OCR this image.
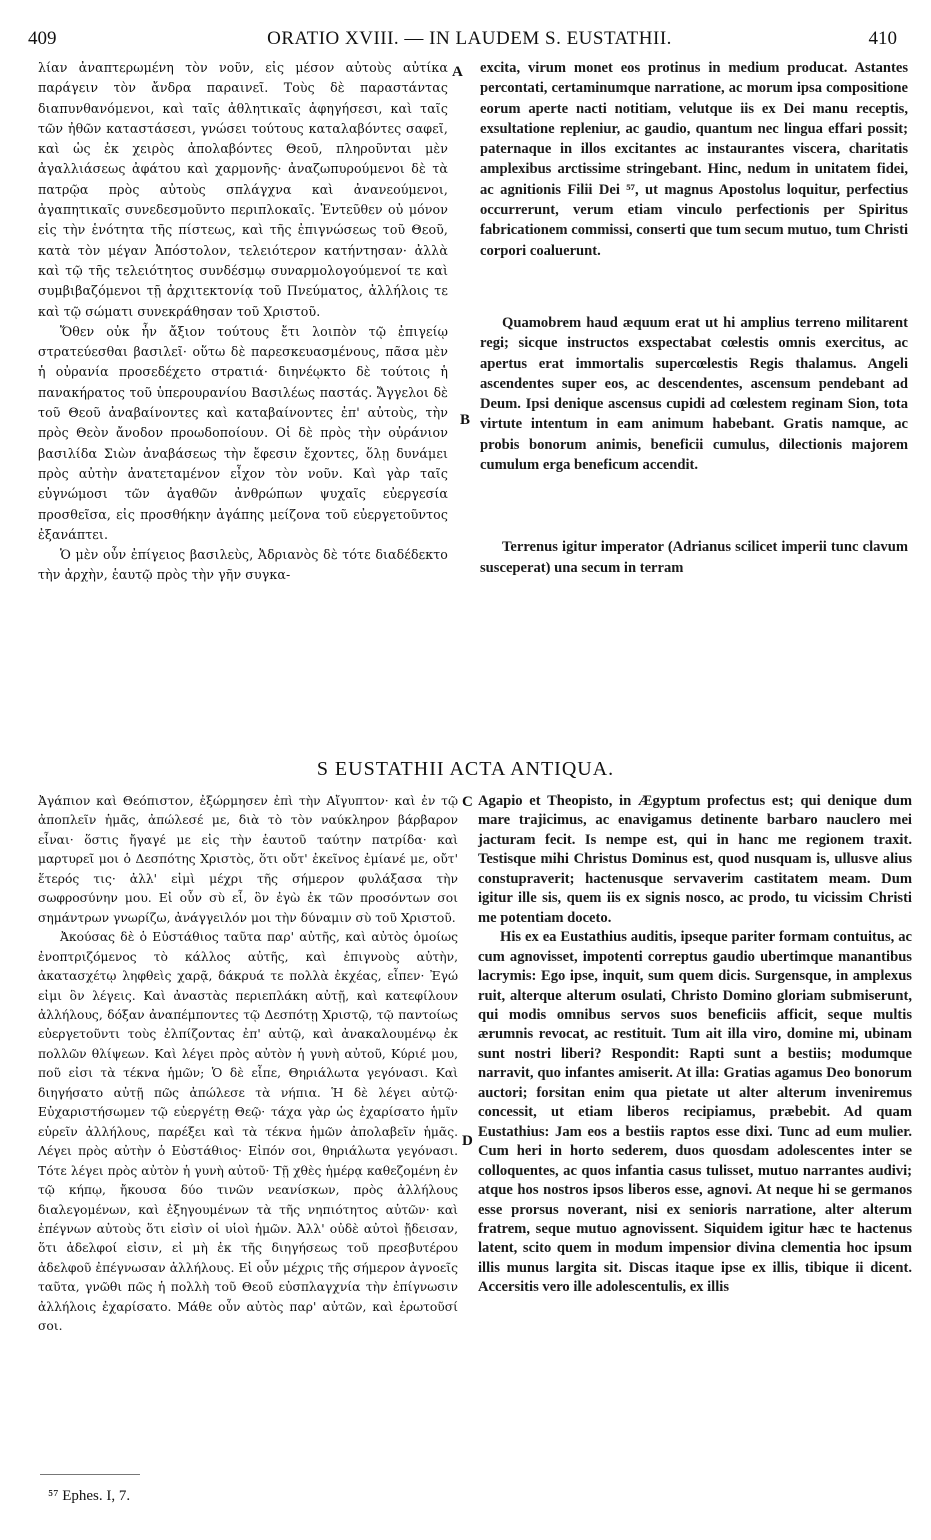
409	ORATIO XVIII. — IN LAUDEM S. EUSTATHII.	410

λίαν ἀναπτερωμένη τὸν νοῦν, εἰς μέσον αὐτοὺς αὐτίκα παράγειν τὸν ἄνδρα παραινεῖ. Τοὺς δὲ παραστάντας διαπυνθανόμενοι, καὶ ταῖς ἀθλητικαῖς ἀφηγήσεσι, καὶ ταῖς τῶν ἠθῶν καταστάσεσι, γνώσει τούτους καταλαβόντες σαφεῖ, καὶ ὡς ἐκ χειρὸς ἀπολαβόντες Θεοῦ, πληροῦνται μὲν ἀγαλλιάσεως ἀφάτου καὶ χαρμονῆς· ἀναζωπυρούμενοι δὲ τὰ πατρῷα πρὸς αὐτοὺς σπλάγχνα καὶ ἀνανεούμενοι, ἀγαπητικαῖς συνεδεσμοῦντο περιπλοκαῖς. Ἐντεῦθεν οὐ μόνον εἰς τὴν ἑνότητα τῆς πίστεως, καὶ τῆς ἐπιγνώσεως τοῦ Θεοῦ, κατὰ τὸν μέγαν Ἀπόστολον, τελειότερον κατήντησαν· ἀλλὰ καὶ τῷ τῆς τελειότητος συνδέσμῳ συναρμολογούμενοί τε καὶ συμβιβαζόμενοι τῇ ἀρχιτεκτονίᾳ τοῦ Πνεύματος, ἀλλήλοις τε καὶ τῷ σώματι συνεκράθησαν τοῦ Χριστοῦ.

Ὅθεν οὐκ ἦν ἄξιον τούτους ἔτι λοιπὸν τῷ ἐπιγείῳ στρατεύεσθαι βασιλεῖ· οὕτω δὲ παρεσκευασμένους, πᾶσα μὲν ἡ οὐρανία προσεδέχετο στρατιά· διηνέῳκτο δὲ τούτοις ἡ πανακήρατος τοῦ ὑπερουρανίου Βασιλέως παστάς. Ἄγγελοι δὲ τοῦ Θεοῦ ἀναβαίνοντες καὶ καταβαίνοντες ἐπ' αὐτοὺς, τὴν πρὸς Θεὸν ἄνοδον προωδοποίουν. Οἱ δὲ πρὸς τὴν οὐράνιον βασιλίδα Σιὼν ἀναβάσεως τὴν ἔφεσιν ἔχοντες, ὅλῃ δυνάμει πρὸς αὐτὴν ἀνατεταμένον εἶχον τὸν νοῦν. Καὶ γὰρ ταῖς εὐγνώμοσι τῶν ἀγαθῶν ἀνθρώπων ψυχαῖς εὐεργεσία προσθεῖσα, εἰς προσθήκην ἀγάπης μείζονα τοῦ εὐεργετοῦντος ἐξανάπτει.

Ὁ μὲν οὖν ἐπίγειος βασιλεὺς, Ἀδριανὸς δὲ τότε διαδέδεκτο τὴν ἀρχὴν, ἑαυτῷ πρὸς τὴν γῆν συγκα-

excita, virum monet eos protinus in medium producat. Astantes percontati, certaminumque narratione, ac morum ipsa compositione eorum aperte nacti notitiam, velutque iis ex Dei manu receptis, exsultatione repleniur, ac gaudio, quantum nec lingua effari possit; paternaque in illos excitantes ac instaurantes viscera, charitatis amplexibus arctissime stringebant. Hinc, nedum in unitatem fidei, ac agnitionis Filii Dei ⁵⁷, ut magnus Apostolus loquitur, perfectius occurrerunt, verum etiam vinculo perfectionis per Spiritus fabricationem commissi, conserti que tum secum mutuo, tum Christi corpori coaluerunt.

Quamobrem haud æquum erat ut hi amplius terreno militarent regi; sicque instructos exspectabat cœlestis omnis exercitus, ac apertus erat immortalis supercœlestis Regis thalamus. Angeli ascendentes super eos, ac descendentes, ascensum pendebant ad Deum. Ipsi denique ascensus cupidi ad cœlestem reginam Sion, tota virtute intentum in eam animum habebant. Gratis namque, ac probis bonorum animis, beneficii cumulus, dilectionis majorem cumulum erga beneficum accendit.

Terrenus igitur imperator (Adrianus scilicet imperii tunc clavum susceperat) una secum in terram

A
B
S EUSTATHII ACTA ANTIQUA.

Ἀγάπιον καὶ Θεόπιστον, ἐξώρμησεν ἐπὶ τὴν Αἴγυπτον· καὶ ἐν τῷ ἀποπλεῖν ἡμᾶς, ἀπώλεσέ με, διὰ τὸ τὸν ναύκληρον βάρβαρον εἶναι· ὅστις ἤγαγέ με εἰς τὴν ἑαυτοῦ ταύτην πατρίδα· καὶ μαρτυρεῖ μοι ὁ Δεσπότης Χριστὸς, ὅτι οὔτ' ἐκεῖνος ἐμίανέ με, οὔτ' ἕτερός τις· ἀλλ' εἰμὶ μέχρι τῆς σήμερον φυλάξασα τὴν σωφροσύνην μου. Εἰ οὖν σὺ εἶ, ὃν ἐγὼ ἐκ τῶν προσόντων σοι σημάντρων γνωρίζω, ἀνάγγειλόν μοι τὴν δύναμιν σὺ τοῦ Χριστοῦ.

Ἀκούσας δὲ ὁ Εὐστάθιος ταῦτα παρ' αὐτῆς, καὶ αὐτὸς ὁμοίως ἐνοπτριζόμενος τὸ κάλλος αὐτῆς, καὶ ἐπιγνοὺς αὐτὴν, ἀκατασχέτῳ ληφθεὶς χαρᾷ, δάκρυά τε πολλὰ ἐκχέας, εἶπεν· Ἐγώ εἰμι ὃν λέγεις. Καὶ ἀναστὰς περιεπλάκη αὐτῇ, καὶ κατεφίλουν ἀλλήλους, δόξαν ἀναπέμποντες τῷ Δεσπότῃ Χριστῷ, τῷ παντοίως εὐεργετοῦντι τοὺς ἐλπίζοντας ἐπ' αὐτῷ, καὶ ἀνακαλουμένῳ ἐκ πολλῶν θλίψεων. Καὶ λέγει πρὸς αὐτὸν ἡ γυνὴ αὐτοῦ, Κύριέ μου, ποῦ εἰσι τὰ τέκνα ἡμῶν; Ὁ δὲ εἶπε, Θηριάλωτα γεγόνασι. Καὶ διηγήσατο αὐτῇ πῶς ἀπώλεσε τὰ νήπια. Ἡ δὲ λέγει αὐτῷ· Εὐχαριστήσωμεν τῷ εὐεργέτῃ Θεῷ· τάχα γὰρ ὡς ἐχαρίσατο ἡμῖν εὑρεῖν ἀλλήλους, παρέξει καὶ τὰ τέκνα ἡμῶν ἀπολαβεῖν ἡμᾶς. Λέγει πρὸς αὐτὴν ὁ Εὐστάθιος· Εἰπόν σοι, θηριάλωτα γεγόνασι. Τότε λέγει πρὸς αὐτὸν ἡ γυνὴ αὐτοῦ· Τῇ χθὲς ἡμέρᾳ καθεζομένη ἐν τῷ κήπῳ, ἤκουσα δύο τινῶν νεανίσκων, πρὸς ἀλλήλους διαλεγομένων, καὶ ἐξηγουμένων τὰ τῆς νηπιότητος αὐτῶν· καὶ ἐπέγνων αὐτοὺς ὅτι εἰσὶν οἱ υἱοὶ ἡμῶν. Ἀλλ' οὐδὲ αὐτοὶ ᾔδεισαν, ὅτι ἀδελφοί εἰσιν, εἰ μὴ ἐκ τῆς διηγήσεως τοῦ πρεσβυτέρου ἀδελφοῦ ἐπέγνωσαν ἀλλήλους. Εἰ οὖν μέχρις τῆς σήμερον ἀγνοεῖς ταῦτα, γνῶθι πῶς ἡ πολλὴ τοῦ Θεοῦ εὐσπλαγχνία τὴν ἐπίγνωσιν ἀλλήλοις ἐχαρίσατο. Μάθε οὖν αὐτὸς παρ' αὐτῶν, καὶ ἐρωτοῦσί σοι.

Agapio et Theopisto, in Ægyptum profectus est; qui denique dum mare trajicimus, ac enavigamus detinente barbaro nauclero mei jacturam fecit. Is nempe est, qui in hanc me regionem traxit. Testisque mihi Christus Dominus est, quod nusquam is, ullusve alius constupraverit; hactenusque servaverim castitatem meam. Dum igitur ille sis, quem iis ex signis nosco, ac prodo, tu vicissim Christi me potentiam doceto.

His ex ea Eustathius auditis, ipseque pariter formam contuitus, ac cum agnovisset, impotenti correptus gaudio ubertimque manantibus lacrymis: Ego ipse, inquit, sum quem dicis. Surgensque, in amplexus ruit, alterque alterum osulati, Christo Domino gloriam submiserunt, qui modis omnibus servos suos beneficiis afficit, seque multis ærumnis revocat, ac restituit. Tum ait illa viro, domine mi, ubinam sunt nostri liberi? Respondit: Rapti sunt a bestiis; modumque narravit, quo infantes amiserit. At illa: Gratias agamus Deo bonorum auctori; forsitan enim qua pietate ut alter alterum inveniremus concessit, ut etiam liberos recipiamus, præbebit. Ad quam Eustathius: Jam eos a bestiis raptos esse dixi. Tunc ad eum mulier. Cum heri in horto sederem, duos quosdam adolescentes inter se colloquentes, ac quos infantia casus tulisset, mutuo narrantes audivi; atque hos nostros ipsos liberos esse, agnovi. At neque hi se germanos esse prorsus noverant, nisi ex senioris narratione, alter alterum fratrem, seque mutuo agnovissent. Siquidem igitur hæc te hactenus latent, scito quem in modum impensior divina clementia hoc ipsum illis munus largita sit. Discas itaque ipse ex illis, tibique ii dicent. Accersitis vero ille adolescentulis, ex illis

C
D
⁵⁷ Ephes. I, 7.
